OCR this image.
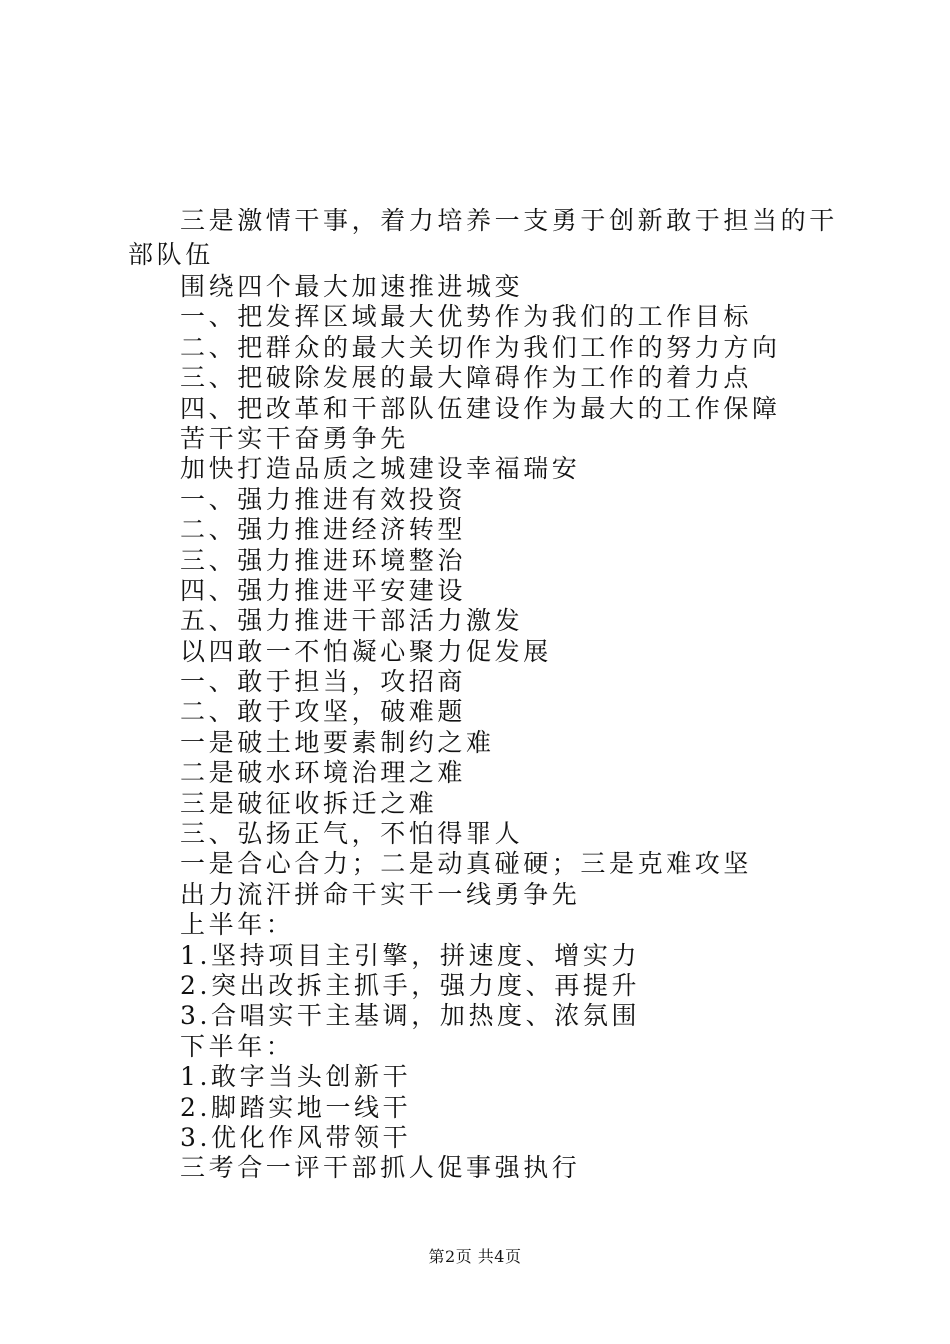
三是激情干事，着力培养一支勇于创新敢于担当的干部队伍

围绕四个最大加速推进城变
一、把发挥区域最大优势作为我们的工作目标
二、把群众的最大关切作为我们工作的努力方向
三、把破除发展的最大障碍作为工作的着力点
四、把改革和干部队伍建设作为最大的工作保障
苦干实干奋勇争先
加快打造品质之城建设幸福瑞安
一、强力推进有效投资
二、强力推进经济转型
三、强力推进环境整治
四、强力推进平安建设
五、强力推进干部活力激发
以四敢一不怕凝心聚力促发展
一、敢于担当，攻招商
二、敢于攻坚，破难题
一是破土地要素制约之难
二是破水环境治理之难
三是破征收拆迁之难
三、弘扬正气，不怕得罪人
一是合心合力；二是动真碰硬；三是克难攻坚
出力流汗拼命干实干一线勇争先
上半年：
1.坚持项目主引擎，拼速度、增实力
2.突出改拆主抓手，强力度、再提升
3.合唱实干主基调，加热度、浓氛围
下半年：
1.敢字当头创新干
2.脚踏实地一线干
3.优化作风带领干
三考合一评干部抓人促事强执行
第2页 共4页
